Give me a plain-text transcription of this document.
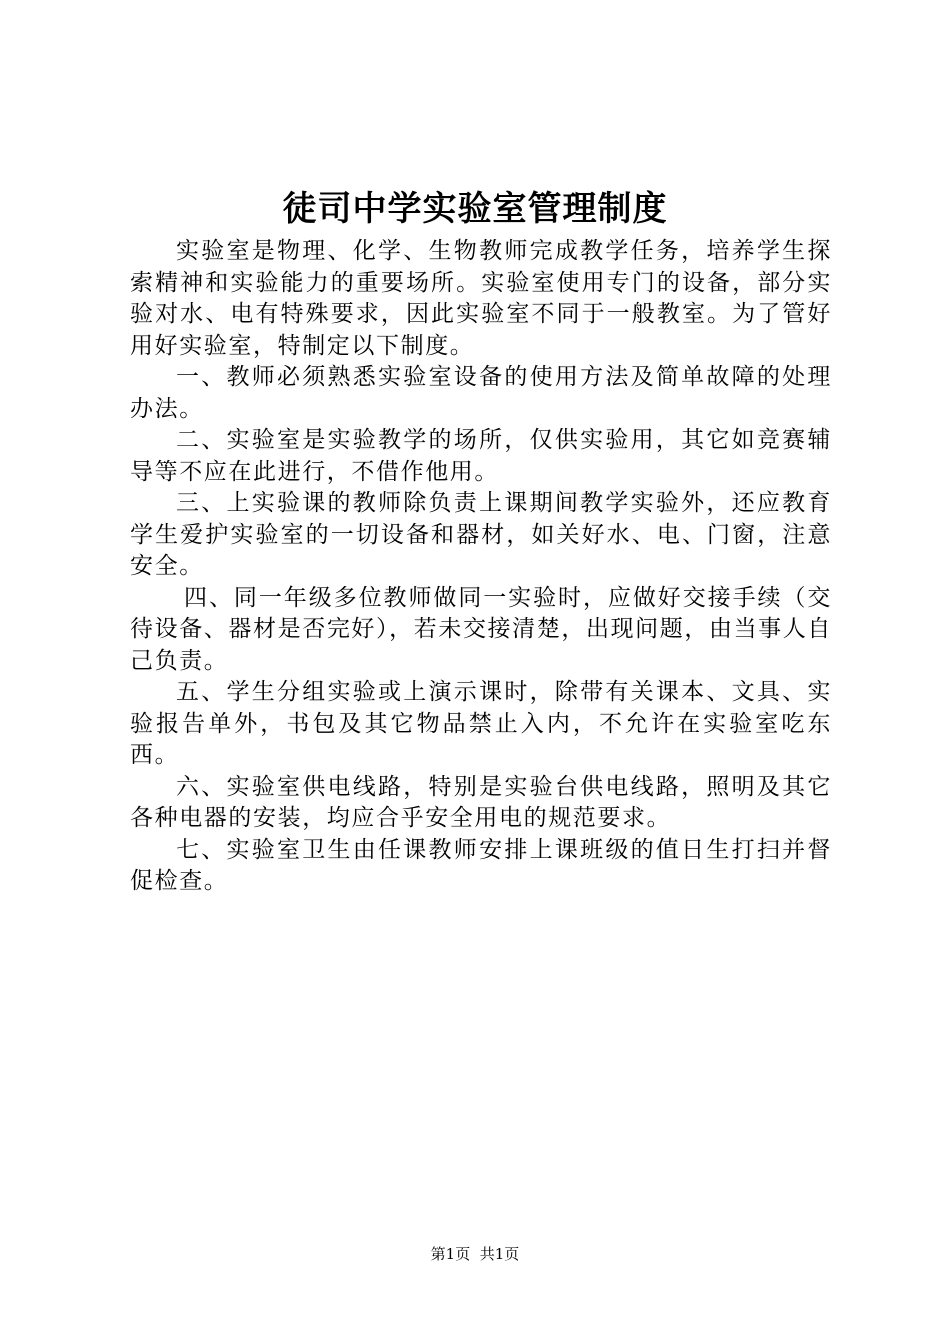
徒司中学实验室管理制度

实验室是物理、化学、生物教师完成教学任务，培养学生探索精神和实验能力的重要场所。实验室使用专门的设备，部分实验对水、电有特殊要求，因此实验室不同于一般教室。为了管好用好实验室，特制定以下制度。

一、教师必须熟悉实验室设备的使用方法及简单故障的处理办法。

二、实验室是实验教学的场所，仅供实验用，其它如竞赛辅导等不应在此进行，不借作他用。

三、上实验课的教师除负责上课期间教学实验外，还应教育学生爱护实验室的一切设备和器材，如关好水、电、门窗，注意安全。

四、同一年级多位教师做同一实验时，应做好交接手续（交待设备、器材是否完好），若未交接清楚，出现问题，由当事人自己负责。

五、学生分组实验或上演示课时，除带有关课本、文具、实验报告单外，书包及其它物品禁止入内，不允许在实验室吃东西。

六、实验室供电线路，特别是实验台供电线路，照明及其它各种电器的安装，均应合乎安全用电的规范要求。

七、实验室卫生由任课教师安排上课班级的值日生打扫并督促检查。

第1页 共1页
